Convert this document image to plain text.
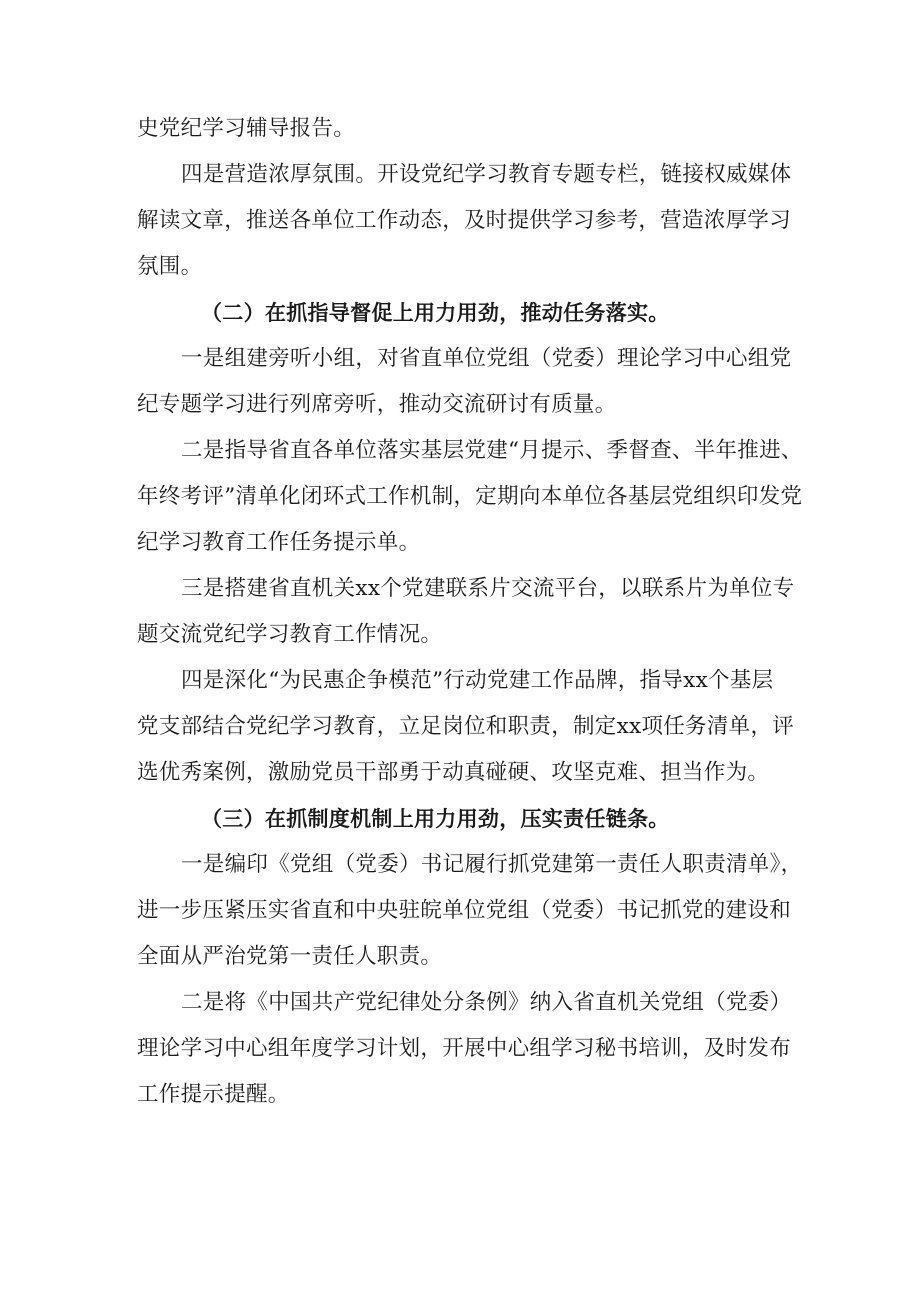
史党纪学习辅导报告。

四是营造浓厚氛围。开设党纪学习教育专题专栏，链接权威媒体
解读文章，推送各单位工作动态，及时提供学习参考，营造浓厚学习
氛围。

（二）在抓指导督促上用力用劲，推动任务落实。

一是组建旁听小组，对省直单位党组（党委）理论学习中心组党
纪专题学习进行列席旁听，推动交流研讨有质量。

二是指导省直各单位落实基层党建“月提示、季督查、半年推进、
年终考评”清单化闭环式工作机制，定期向本单位各基层党组织印发党
纪学习教育工作任务提示单。

三是搭建省直机关xx个党建联系片交流平台，以联系片为单位专
题交流党纪学习教育工作情况。

四是深化“为民惠企争模范”行动党建工作品牌，指导xx个基层
党支部结合党纪学习教育，立足岗位和职责，制定xx项任务清单，评
选优秀案例，激励党员干部勇于动真碰硬、攻坚克难、担当作为。

（三）在抓制度机制上用力用劲，压实责任链条。

一是编印《党组（党委）书记履行抓党建第一责任人职责清单》，
进一步压紧压实省直和中央驻皖单位党组（党委）书记抓党的建设和
全面从严治党第一责任人职责。

二是将《中国共产党纪律处分条例》纳入省直机关党组（党委）
理论学习中心组年度学习计划，开展中心组学习秘书培训，及时发布
工作提示提醒。
